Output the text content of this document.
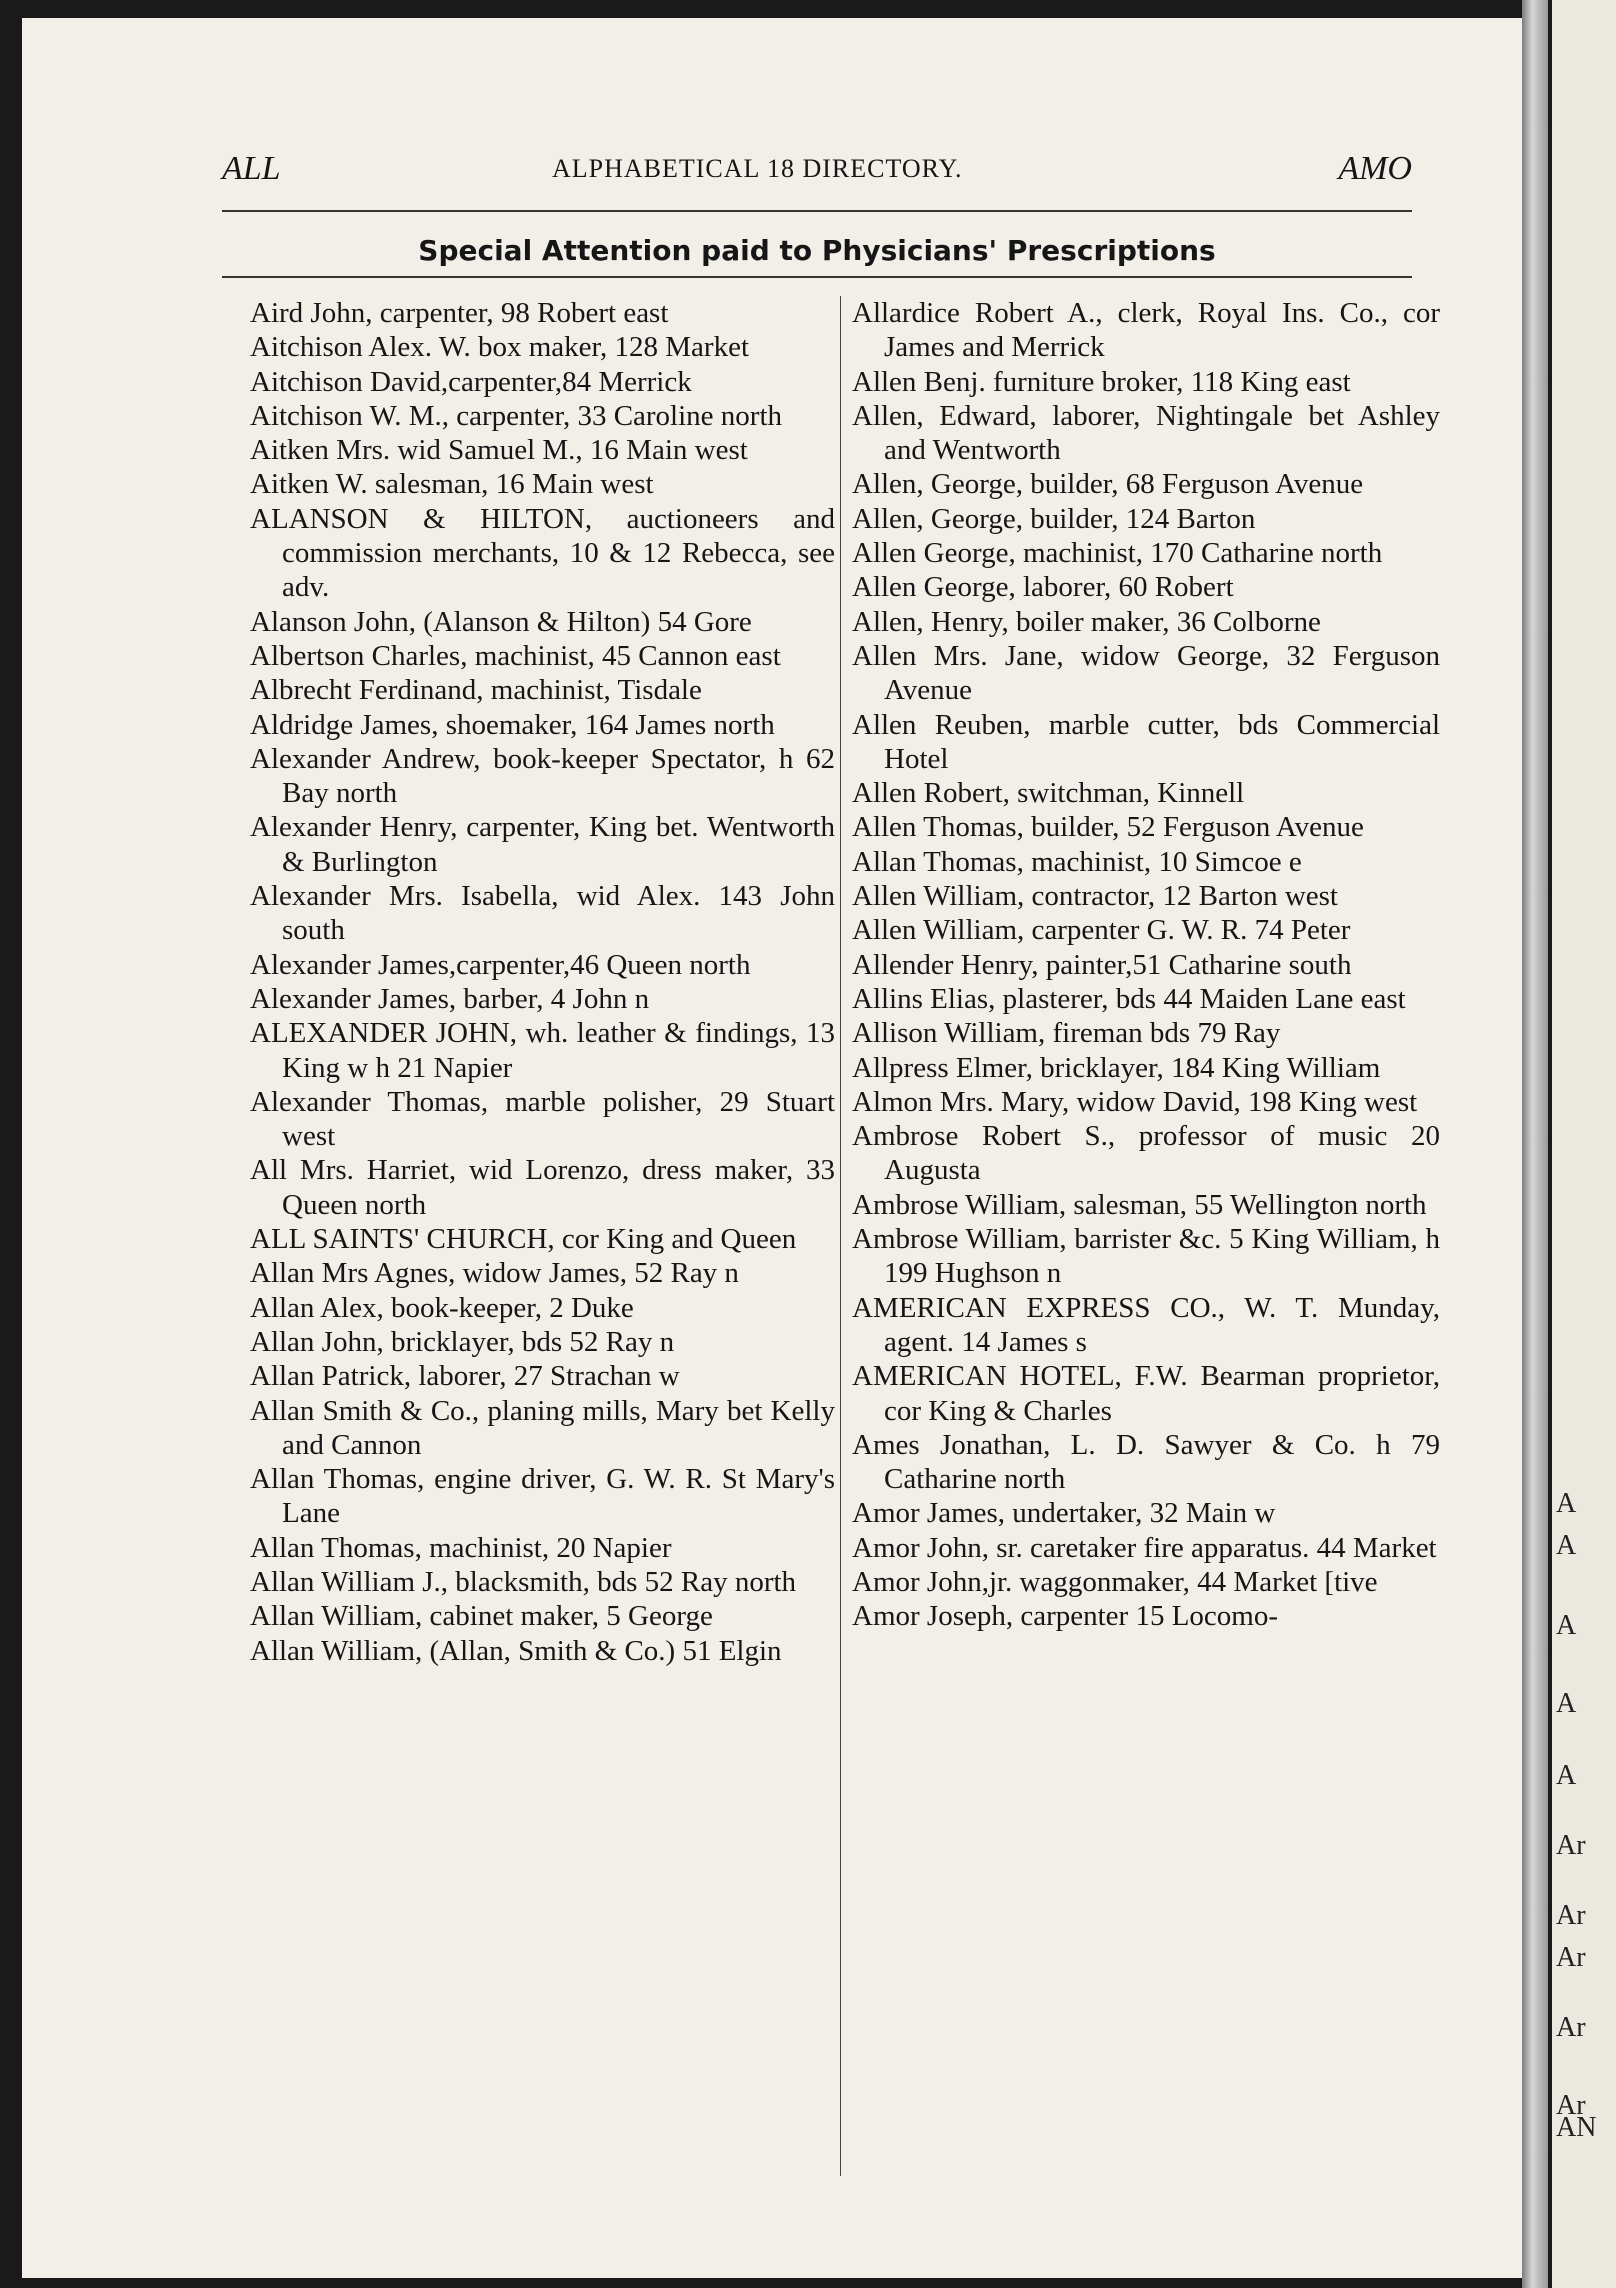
A
A
A
A
A
Ar
Ar
Ar
Ar
Ar
AN
ALL	ALPHABETICAL 18 DIRECTORY.	AMO
Special Attention paid to Physicians' Prescriptions

Aird John, carpenter, 98 Robert east

Aitchison Alex. W. box maker, 128 Market

Aitchison David,carpenter,84 Merrick

Aitchison W. M., carpenter, 33 Caroline north

Aitken Mrs. wid Samuel M., 16 Main west

Aitken W. salesman, 16 Main west

ALANSON & HILTON, auctioneers and commission merchants, 10 & 12 Rebecca, see adv.

Alanson John, (Alanson & Hilton) 54 Gore

Albertson Charles, machinist, 45 Cannon east

Albrecht Ferdinand, machinist, Tisdale

Aldridge James, shoemaker, 164 James north

Alexander Andrew, book-keeper Spectator, h 62 Bay north

Alexander Henry, carpenter, King bet. Wentworth & Burlington

Alexander Mrs. Isabella, wid Alex. 143 John south

Alexander James,carpenter,46 Queen north

Alexander James, barber, 4 John n

ALEXANDER JOHN, wh. leather & findings, 13 King w h 21 Napier

Alexander Thomas, marble polisher, 29 Stuart west

All Mrs. Harriet, wid Lorenzo, dress maker, 33 Queen north

ALL SAINTS' CHURCH, cor King and Queen

Allan Mrs Agnes, widow James, 52 Ray n

Allan Alex, book-keeper, 2 Duke

Allan John, bricklayer, bds 52 Ray n

Allan Patrick, laborer, 27 Strachan w

Allan Smith & Co., planing mills, Mary bet Kelly and Cannon

Allan Thomas, engine driver, G. W. R. St Mary's Lane

Allan Thomas, machinist, 20 Napier

Allan William J., blacksmith, bds 52 Ray north

Allan William, cabinet maker, 5 George

Allan William, (Allan, Smith & Co.) 51 Elgin

Allardice Robert A., clerk, Royal Ins. Co., cor James and Merrick

Allen Benj. furniture broker, 118 King east

Allen, Edward, laborer, Nightingale bet Ashley and Wentworth

Allen, George, builder, 68 Ferguson Avenue

Allen, George, builder, 124 Barton

Allen George, machinist, 170 Catharine north

Allen George, laborer, 60 Robert

Allen, Henry, boiler maker, 36 Colborne

Allen Mrs. Jane, widow George, 32 Ferguson Avenue

Allen Reuben, marble cutter, bds Commercial Hotel

Allen Robert, switchman, Kinnell

Allen Thomas, builder, 52 Ferguson Avenue

Allan Thomas, machinist, 10 Simcoe e

Allen William, contractor, 12 Barton west

Allen William, carpenter G. W. R. 74 Peter

Allender Henry, painter,51 Catharine south

Allins Elias, plasterer, bds 44 Maiden Lane east

Allison William, fireman bds 79 Ray

Allpress Elmer, bricklayer, 184 King William

Almon Mrs. Mary, widow David, 198 King west

Ambrose Robert S., professor of music 20 Augusta

Ambrose William, salesman, 55 Wellington north

Ambrose William, barrister &c. 5 King William, h 199 Hughson n

AMERICAN EXPRESS CO., W. T. Munday, agent. 14 James s

AMERICAN HOTEL, F.W. Bearman proprietor, cor King & Charles

Ames Jonathan, L. D. Sawyer & Co. h 79 Catharine north

Amor James, undertaker, 32 Main w

Amor John, sr. caretaker fire apparatus. 44 Market

Amor John,jr. waggonmaker, 44 Market [tive

Amor Joseph, carpenter 15 Locomo-
